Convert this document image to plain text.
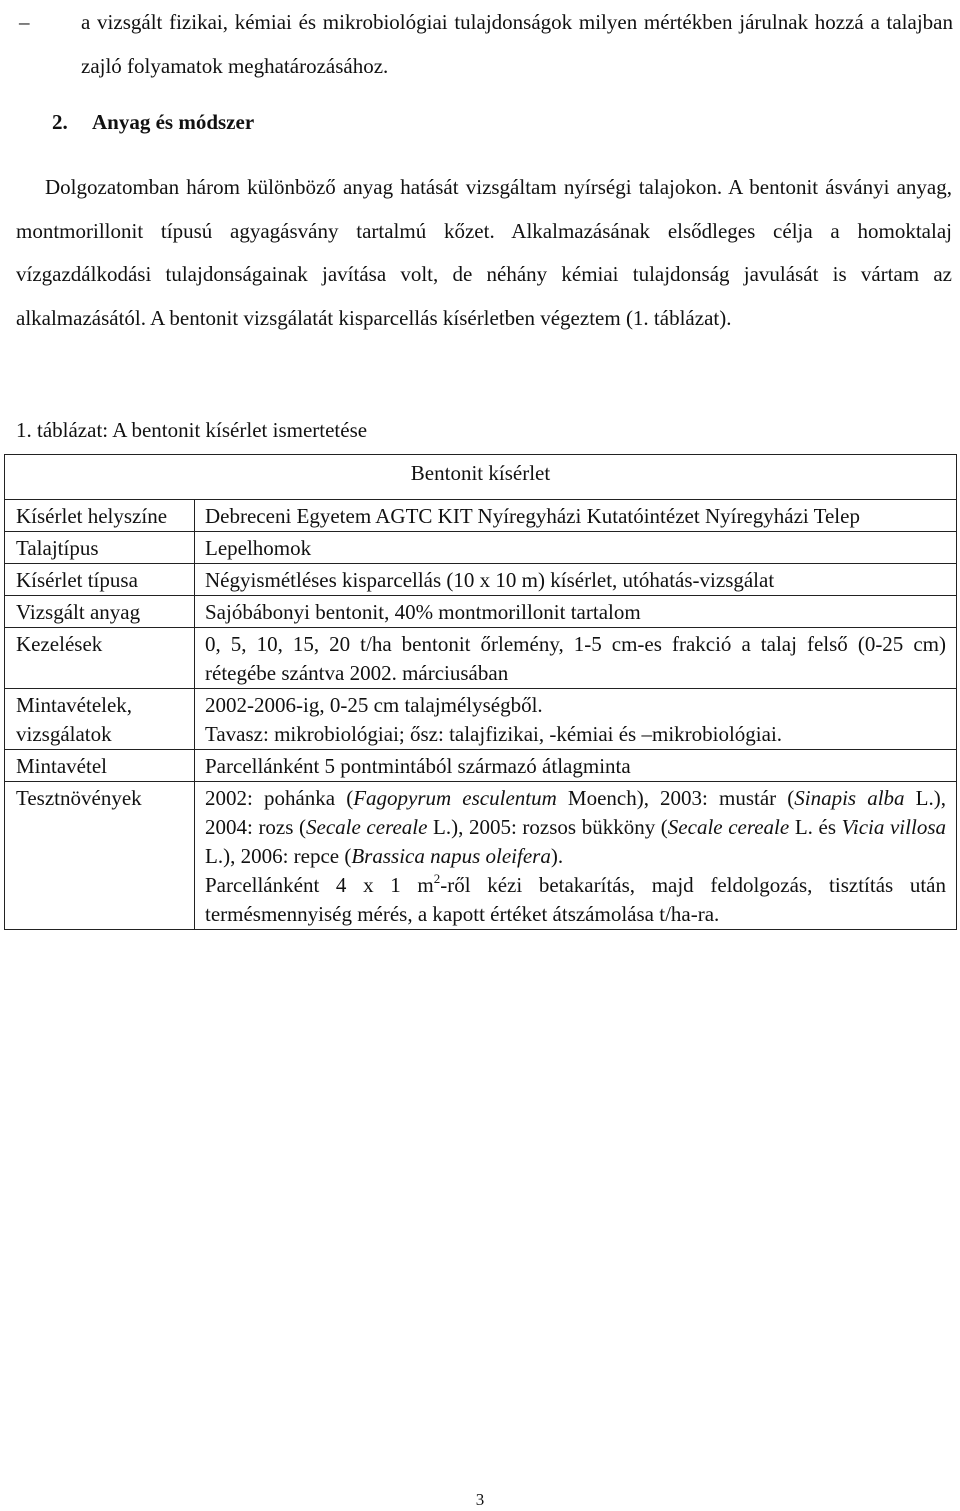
– a vizsgált fizikai, kémiai és mikrobiológiai tulajdonságok milyen mértékben járulnak hozzá a talajban zajló folyamatok meghatározásához.
2. Anyag és módszer
Dolgozatomban három különböző anyag hatását vizsgáltam nyírségi talajokon. A bentonit ásványi anyag, montmorillonit típusú agyagásvány tartalmú kőzet. Alkalmazásának elsődleges célja a homoktalaj vízgazdálkodási tulajdonságainak javítása volt, de néhány kémiai tulajdonság javulását is vártam az alkalmazásától. A bentonit vizsgálatát kisparcellás kísérletben végeztem (1. táblázat).
1. táblázat: A bentonit kísérlet ismertetése
Bentonit kísérlet	
Kísérlet helyszíne	Debreceni Egyetem AGTC KIT Nyíregyházi Kutatóintézet Nyíregyházi Telep
Talajtípus	Lepelhomok
Kísérlet típusa	Négyismétléses kisparcellás (10 x 10 m) kísérlet, utóhatás-vizsgálat
Vizsgált anyag	Sajóbábonyi bentonit, 40% montmorillonit tartalom
Kezelések	0, 5, 10, 15, 20 t/ha bentonit őrlemény, 1-5 cm-es frakció a talaj felső (0-25 cm) rétegébe szántva 2002. márciusában
Mintavételek, vizsgálatok	2002-2006-ig, 0-25 cm talajmélységből.
Tavasz: mikrobiológiai; ősz: talajfizikai, -kémiai és –mikrobiológiai.

Mintavétel	Parcellánként 5 pontmintából származó átlagminta
Tesztnövények	2002: pohánka (Fagopyrum esculentum Moench), 2003: mustár (Sinapis alba L.), 2004: rozs (Secale cereale L.), 2005: rozsos bükköny (Secale cereale L. és Vicia villosa L.), 2006: repce (Brassica napus oleifera).
Parcellánként 4 x 1 $m^2$-ről kézi betakarítás, majd feldolgozás, tisztítás után termésmennyiség mérés, a kapott értéket átszámolása t/ha-ra.
3
